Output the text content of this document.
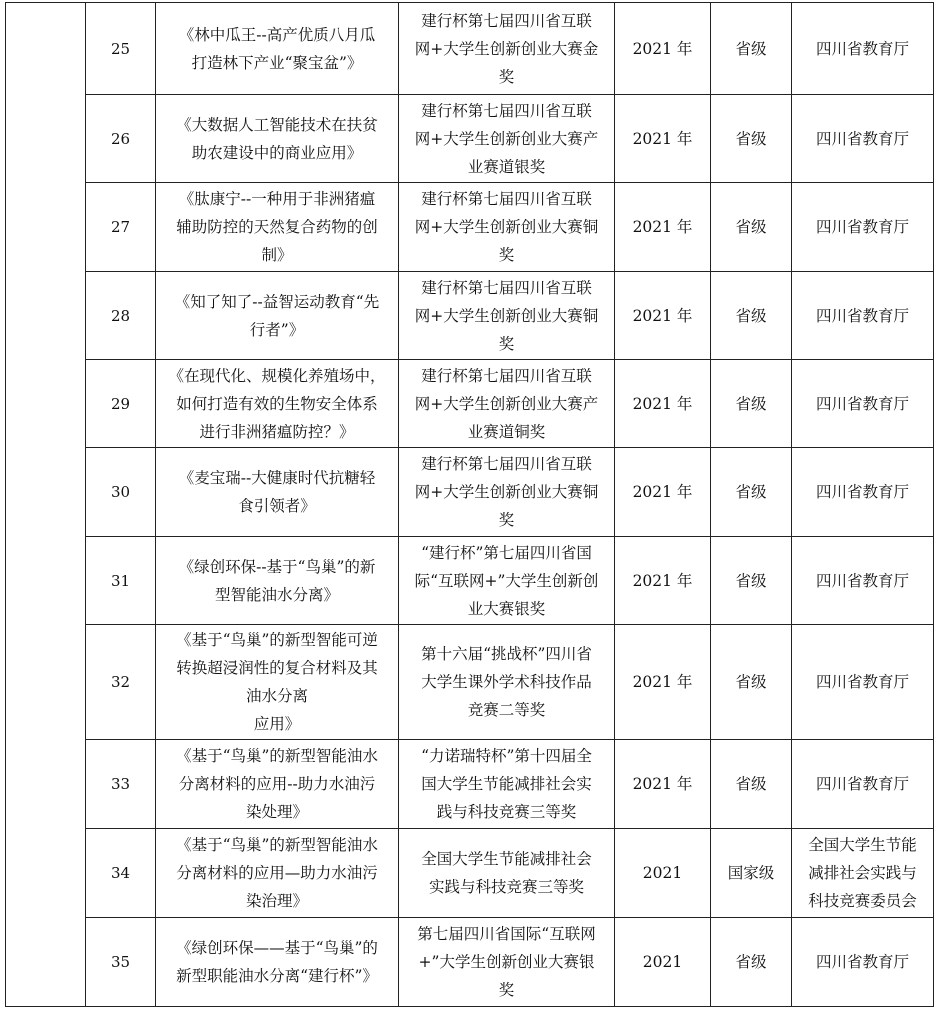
	25	《林中瓜王--高产优质八月瓜
打造林下产业“聚宝盆”》	建行杯第七届四川省互联
网+大学生创新创业大赛金
奖	2021 年	省级	四川省教育厅

	26	《大数据人工智能技术在扶贫
助农建设中的商业应用》	建行杯第七届四川省互联
网+大学生创新创业大赛产
业赛道银奖	2021 年	省级	四川省教育厅

	27	《肽康宁--一种用于非洲猪瘟
辅助防控的天然复合药物的创
制》	建行杯第七届四川省互联
网+大学生创新创业大赛铜
奖	2021 年	省级	四川省教育厅

	28	《知了知了--益智运动教育“先
行者”》	建行杯第七届四川省互联
网+大学生创新创业大赛铜
奖	2021 年	省级	四川省教育厅

	29	《在现代化、规模化养殖场中，
如何打造有效的生物安全体系
进行非洲猪瘟防控？》	建行杯第七届四川省互联
网+大学生创新创业大赛产
业赛道铜奖	2021 年	省级	四川省教育厅

	30	《麦宝瑞--大健康时代抗糖轻
食引领者》	建行杯第七届四川省互联
网+大学生创新创业大赛铜
奖	2021 年	省级	四川省教育厅

	31	《绿创环保--基于“鸟巢”的新
型智能油水分离》	“建行杯”第七届四川省国
际“互联网+”大学生创新创
业大赛银奖	2021 年	省级	四川省教育厅

	32	《基于“鸟巢”的新型智能可逆
转换超浸润性的复合材料及其
油水分离
应用》	第十六届“挑战杯”四川省
大学生课外学术科技作品
竞赛二等奖	2021 年	省级	四川省教育厅

	33	《基于“鸟巢”的新型智能油水
分离材料的应用--助力水油污
染处理》	“力诺瑞特杯”第十四届全
国大学生节能减排社会实
践与科技竞赛三等奖	2021 年	省级	四川省教育厅

	34	《基于“鸟巢”的新型智能油水
分离材料的应用—助力水油污
染治理》	全国大学生节能减排社会
实践与科技竞赛三等奖	2021	国家级	全国大学生节能
减排社会实践与
科技竞赛委员会

	35	《绿创环保——基于“鸟巢”的
新型职能油水分离“建行杯”》	第七届四川省国际“互联网
+”大学生创新创业大赛银
奖	2021	省级	四川省教育厅
